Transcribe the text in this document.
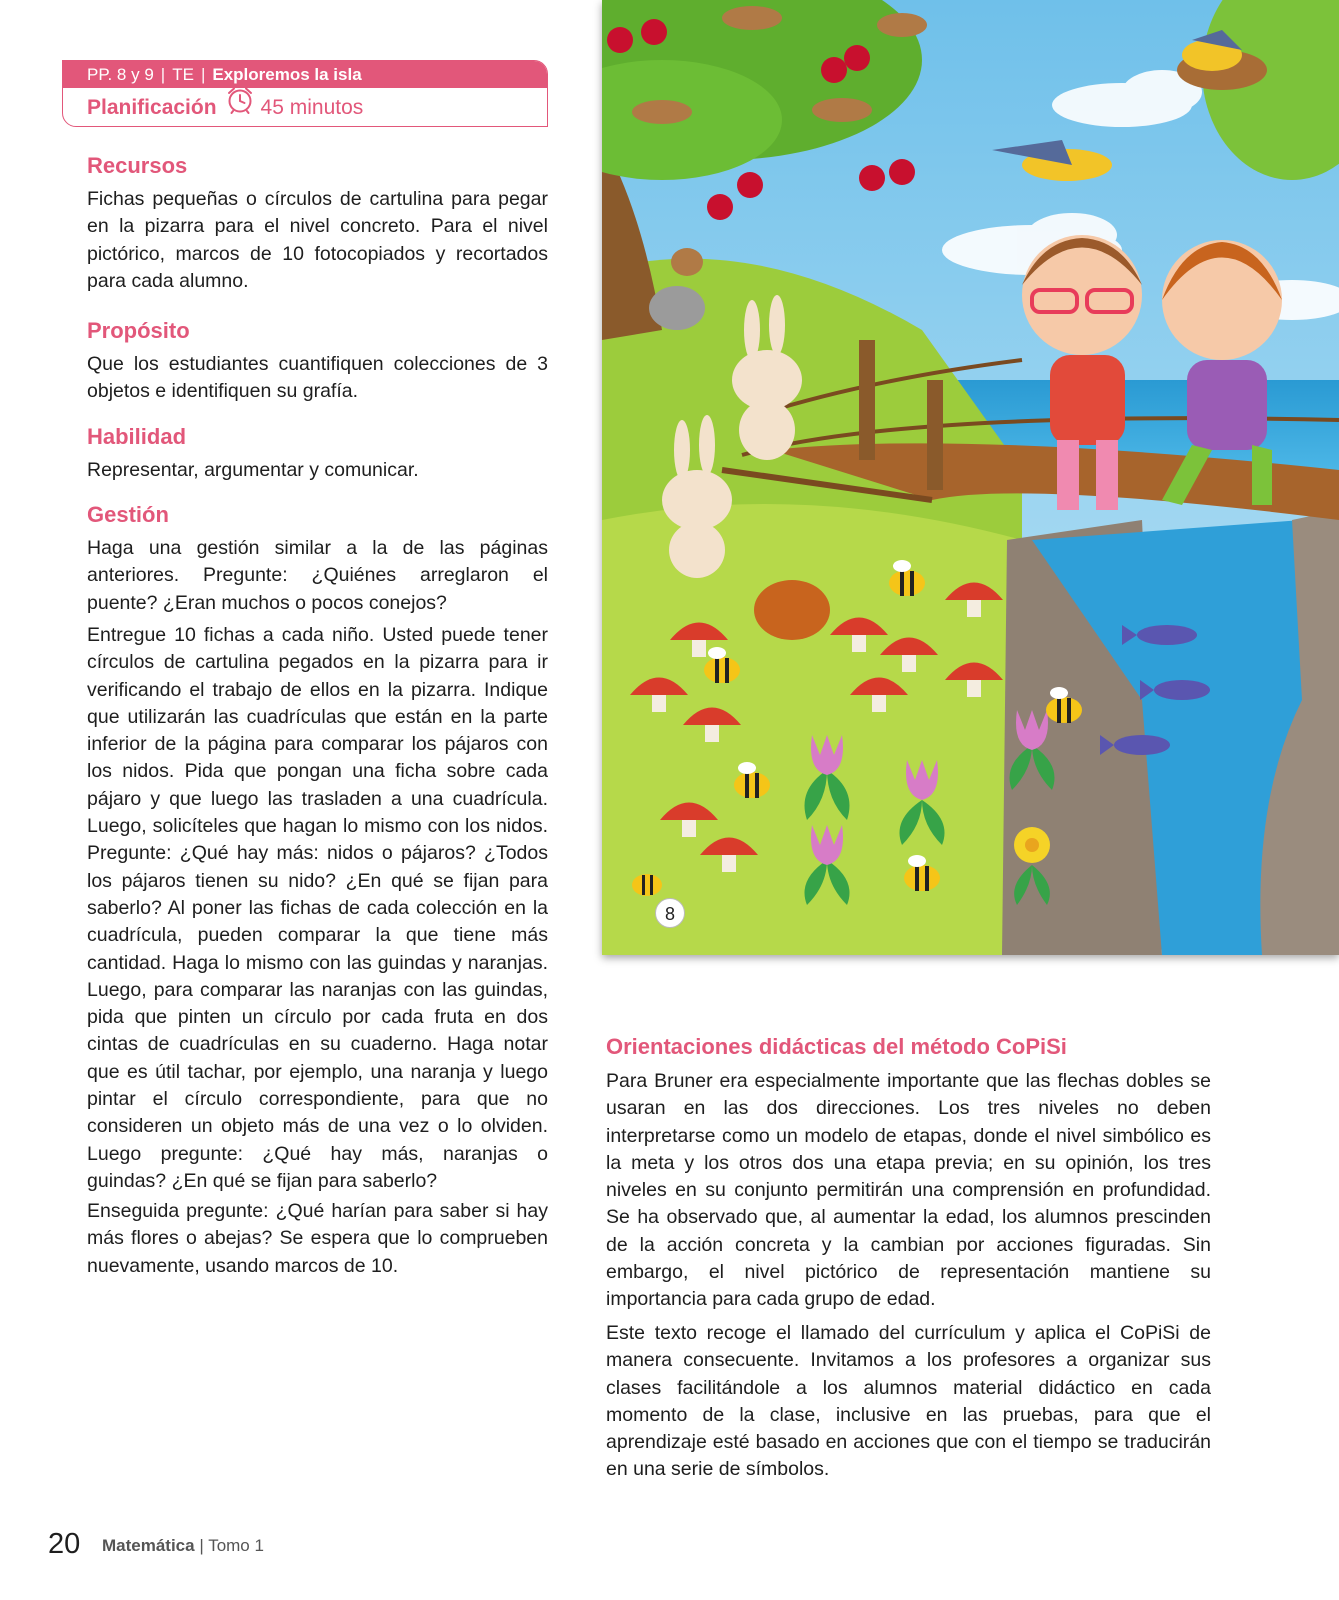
PP. 8 y 9 | TE | Exploremos la isla
Planificación 45 minutos
Recursos
Fichas pequeñas o círculos de cartulina para pegar en la pizarra para el nivel concreto. Para el nivel pictórico, marcos de 10 fotocopiados y recortados para cada alumno.
Propósito
Que los estudiantes cuantifiquen colecciones de 3 objetos e identifiquen su grafía.
Habilidad
Representar, argumentar y comunicar.
Gestión
Haga una gestión similar a la de las páginas anteriores. Pregunte: ¿Quiénes arreglaron el puente? ¿Eran muchos o pocos conejos?
Entregue 10 fichas a cada niño. Usted puede tener círculos de cartulina pegados en la pizarra para ir verificando el trabajo de ellos en la pizarra. Indique que utilizarán las cuadrículas que están en la parte inferior de la página para comparar los pájaros con los nidos. Pida que pongan una ficha sobre cada pájaro y que luego las trasladen a una cuadrícula. Luego, solicíteles que hagan lo mismo con los nidos. Pregunte: ¿Qué hay más: nidos o pájaros? ¿Todos los pájaros tienen su nido? ¿En qué se fijan para saberlo? Al poner las fichas de cada colección en la cuadrícula, pueden comparar la que tiene más cantidad. Haga lo mismo con las guindas y naranjas. Luego, para comparar las naranjas con las guindas, pida que pinten un círculo por cada fruta en dos cintas de cuadrículas en su cuaderno. Haga notar que es útil tachar, por ejemplo, una naranja y luego pintar el círculo correspondiente, para que no consideren un objeto más de una vez o lo olviden. Luego pregunte: ¿Qué hay más, naranjas o guindas? ¿En qué se fijan para saberlo?
Enseguida pregunte: ¿Qué harían para saber si hay más flores o abejas? Se espera que lo comprueben nuevamente, usando marcos de 10.
8
Orientaciones didácticas del método CoPiSi
Para Bruner era especialmente importante que las flechas dobles se usaran en las dos direcciones. Los tres niveles no deben interpretarse como un modelo de etapas, donde el nivel simbólico es la meta y los otros dos una etapa previa; en su opinión, los tres niveles en su conjunto permitirán una comprensión en profundidad. Se ha observado que, al aumentar la edad, los alumnos prescinden de la acción concreta y la cambian por acciones figuradas. Sin embargo, el nivel pictórico de representación mantiene su importancia para cada grupo de edad.
Este texto recoge el llamado del currículum y aplica el CoPiSi de manera consecuente. Invitamos a los profesores a organizar sus clases facilitándole a los alumnos material didáctico en cada momento de la clase, inclusive en las pruebas, para que el aprendizaje esté basado en acciones que con el tiempo se traducirán en una serie de símbolos.
20 Matemática | Tomo 1
